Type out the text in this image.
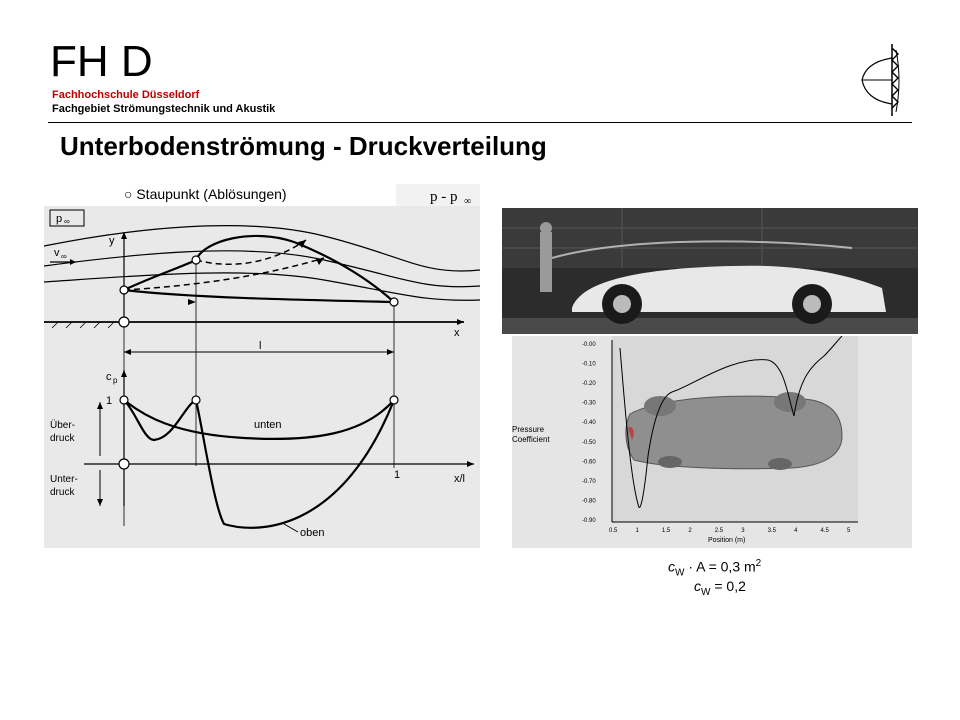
FH D
Fachhochschule Düsseldorf
Fachgebiet Strömungstechnik und Akustik
Unterbodenströmung - Druckverteilung
○ Staupunkt (Ablösungen)
c p =
p - p ∞
ρ
2 v ∞
2
p ∞
v ∞
y
x
l
c p
1
x/l
1
Über-
druck
Unter-
druck
unten
oben
Pressure
Coefficient
-0.00
-0.10
-0.20
-0.30
-0.40
-0.50
-0.60
-0.70
-0.80
-0.90
0.5	1	1.5	2	2.5	3	3.5	4	4.5	5
Position (m)
$c_W \cdot A = 0,3$ $m^2$
$c_W = 0,2$
